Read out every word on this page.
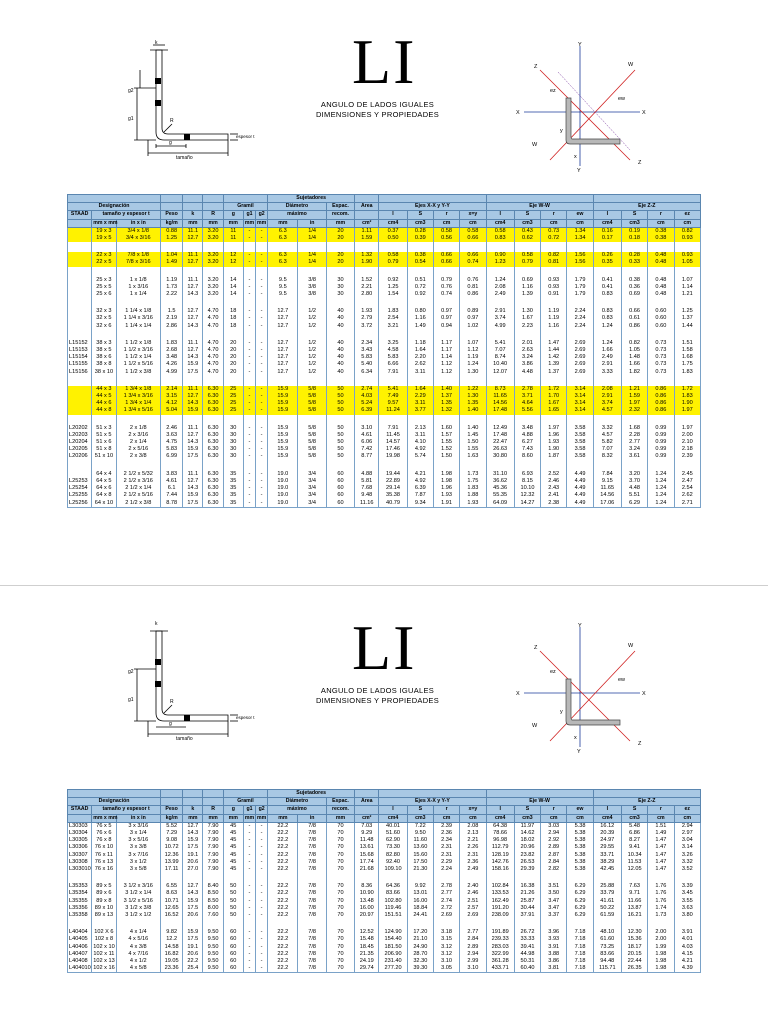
k
g2
g1	R
g
espesor t
tamaño
LI
ANGULO DE LADOS IGUALES
DIMENSIONES Y PROPIEDADES
Y
Y
X	X
W
W
Z
Z
ez
ew
y
x
									Sujetadores															
Designación						Gramil			Diámetro		Espac.	Area	Ejes X-X y Y-Y				Eje W-W				Eje Z-Z			
STAAD	tamaño y espesor t		Peso	k	R	g	g1	g2	máximo		recom.		I	S	r	x=y	I	S	r	ew	I	S	r	ez
	mm x mm	in x in	kg/m	mm	mm	mm	mm	mm	mm	in	mm	cm²	cm4	cm3	cm	cm	cm4	cm3	cm	cm	cm4	cm3	cm	cm
	19 x 3	3/4 x 1/8	0.88	11.1	3.20	11	-	-	6.3	1/4	20	1.11	0.37	0.28	0.58	0.58	0.58	0.43	0.73	1.34	0.16	0.19	0.38	0.82
	19 x 5	3/4 x 3/16	1.25	12.7	3.20	11	-	-	6.3	1/4	20	1.59	0.50	0.39	0.56	0.66	0.83	0.62	0.72	1.34	0.17	0.18	0.38	0.93

	22 x 3	7/8 x 1/8	1.04	11.1	3.20	12	-	-	6.3	1/4	20	1.32	0.58	0.38	0.66	0.66	0.90	0.58	0.82	1.56	0.26	0.28	0.48	0.93
	22 x 5	7/8 x 3/16	1.49	12.7	3.20	12	-	-	6.3	1/4	20	1.90	0.79	0.54	0.66	0.74	1.23	0.79	0.81	1.56	0.35	0.33	0.48	1.05

	25 x 3	1 x 1/8	1.19	11.1	3.20	14	-	-	9.5	3/8	30	1.52	0.92	0.51	0.79	0.76	1.24	0.69	0.93	1.79	0.41	0.38	0.48	1.07
	25 x 5	1 x 3/16	1.73	12.7	3.20	14	-	-	9.5	3/8	30	2.21	1.25	0.72	0.76	0.81	2.08	1.16	0.93	1.79	0.41	0.36	0.48	1.14
	25 x 6	1 x 1/4	2.22	14.3	3.20	14	-	-	9.5	3/8	30	2.80	1.54	0.92	0.74	0.86	2.49	1.39	0.91	1.79	0.83	0.69	0.48	1.21

	32 x 3	1 1/4 x 1/8	1.5	12.7	4.70	18	-	-	12.7	1/2	40	1.93	1.83	0.80	0.97	0.89	2.91	1.30	1.19	2.24	0.83	0.66	0.60	1.25
	32 x 5	1 1/4 x 3/16	2.19	12.7	4.70	18	-	-	12.7	1/2	40	2.79	2.54	1.16	0.97	0.97	3.74	1.67	1.19	2.24	0.83	0.61	0.60	1.37
	32 x 6	1 1/4 x 1/4	2.86	14.3	4.70	18	-	-	12.7	1/2	40	3.72	3.21	1.49	0.94	1.02	4.99	2.23	1.16	2.24	1.24	0.86	0.60	1.44

L15152	38 x 3	1 1/2 x 1/8	1.83	11.1	4.70	20	-	-	12.7	1/2	40	2.34	3.25	1.18	1.17	1.07	5.41	2.01	1.47	2.69	1.24	0.82	0.73	1.51
L15153	38 x 5	1 1/2 x 3/16	2.68	12.7	4.70	20	-	-	12.7	1/2	40	3.43	4.58	1.64	1.17	1.12	7.07	2.63	1.44	2.69	1.66	1.05	0.73	1.58
L15154	38 x 6	1 1/2 x 1/4	3.48	14.3	4.70	20	-	-	12.7	1/2	40	5.83	5.83	2.20	1.14	1.19	8.74	3.24	1.42	2.69	2.49	1.48	0.73	1.68
L15155	38 x 8	1 1/2 x 5/16	4.26	15.9	4.70	20	-	-	12.7	1/2	40	5.40	6.66	2.62	1.12	1.24	10.40	3.86	1.39	2.69	2.91	1.66	0.73	1.75
L15156	38 x 10	1 1/2 x 3/8	4.99	17.5	4.70	20	-	-	12.7	1/2	40	6.34	7.91	3.11	1.12	1.30	12.07	4.48	1.37	2.69	3.33	1.82	0.73	1.83

	44 x 3	1 3/4 x 1/8	2.14	11.1	6.30	25	-	-	15.9	5/8	50	2.74	5.41	1.64	1.40	1.22	8.73	2.78	1.72	3.14	2.08	1.21	0.86	1.72
	44 x 5	1 3/4 x 3/16	3.15	12.7	6.30	25	-	-	15.9	5/8	50	4.03	7.49	2.29	1.37	1.30	11.65	3.71	1.70	3.14	2.91	1.59	0.86	1.83
	44 x 6	1 3/4 x 1/4	4.12	14.3	6.30	25	-	-	15.9	5/8	50	5.24	9.57	3.11	1.35	1.35	14.56	4.64	1.67	3.14	3.74	1.97	0.86	1.90
	44 x 8	1 3/4 x 5/16	5.04	15.9	6.30	25	-	-	15.9	5/8	50	6.39	11.24	3.77	1.32	1.40	17.48	5.56	1.65	3.14	4.57	2.32	0.86	1.97

L20202	51 x 3	2 x 1/8	2.46	11.1	6.30	30	-	-	15.9	5/8	50	3.10	7.91	2.13	1.60	1.40	12.49	3.48	1.97	3.58	3.32	1.68	0.99	1.97
L20203	51 x 5	2 x 3/16	3.63	12.7	6.30	30	-	-	15.9	5/8	50	4.61	11.45	3.11	1.57	1.45	17.48	4.88	1.96	3.58	4.57	2.28	0.99	2.00
L20204	51 x 6	2 x 1/4	4.75	14.3	6.30	30	-	-	15.9	5/8	50	6.06	14.57	4.10	1.55	1.50	22.47	6.27	1.93	3.58	5.82	2.77	0.99	2.10
L20205	51 x 8	2 x 5/16	5.83	15.9	6.30	30	-	-	15.9	5/8	50	7.42	17.46	4.92	1.52	1.55	26.63	7.43	1.90	3.58	7.07	3.24	0.99	2.18
L20206	51 x 10	2 x 3/8	6.99	17.5	6.30	30	-	-	15.9	5/8	50	8.77	19.98	5.74	1.50	1.63	30.80	8.60	1.87	3.58	8.32	3.61	0.99	2.39

	64 x 4	2 1/2 x 5/32	3.83	11.1	6.30	35	-	-	19.0	3/4	60	4.88	19.44	4.21	1.98	1.73	31.10	6.93	2.52	4.49	7.84	3.20	1.24	2.45
L25253	64 x 5	2 1/2 x 3/16	4.61	12.7	6.30	35	-	-	19.0	3/4	60	5.81	22.89	4.92	1.98	1.75	36.62	8.15	2.46	4.49	9.15	3.70	1.24	2.47
L25254	64 x 6	2 1/2 x 1/4	6.1	14.3	6.30	35	-	-	19.0	3/4	60	7.68	29.14	6.39	1.96	1.83	45.36	10.10	2.43	4.49	11.65	4.48	1.24	2.54
L25255	64 x 8	2 1/2 x 5/16	7.44	15.9	6.30	35	-	-	19.0	3/4	60	9.48	35.38	7.87	1.93	1.88	55.35	12.32	2.41	4.49	14.56	5.51	1.24	2.62
L25256	64 x 10	2 1/2 x 3/8	8.78	17.5	6.30	35	-	-	19.0	3/4	60	11.16	40.79	9.34	1.91	1.93	64.09	14.27	2.38	4.49	17.06	6.29	1.24	2.71
k
g2
g1	R
g
espesor t
tamaño
LI
ANGULO DE LADOS IGUALES
DIMENSIONES Y PROPIEDADES
Y
Y
X	X
W
W
Z
Z
ez
ew
y
x
									Sujetadores															
Designación						Gramil			Diámetro		Espac.	Area	Ejes X-X y Y-Y				Eje W-W				Eje Z-Z			
STAAD	tamaño y espesor t		Peso	k	R	g	g1	g2	máximo		recom.		I	S	r	x=y	I	S	r	ew	I	S	r	ez
	mm x mm	in x in	kg/m	mm	mm	mm	mm	mm	mm	in	mm	cm²	cm4	cm3	cm	cm	cm4	cm3	cm	cm	cm4	cm3	cm	cm
L30303	76 x 5	3 x 3/16	5.52	12.7	7.90	45	-	-	22.2	7/8	70	7.03	40.01	7.22	2.39	2.08	64.38	11.97	3.03	5.38	16.12	5.48	1.51	2.94
L30304	76 x 6	3 x 1/4	7.29	14.3	7.90	45	-	-	22.2	7/8	70	9.29	51.60	9.50	2.36	2.13	78.66	14.62	2.94	5.38	20.39	6.86	1.49	2.97
L30305	76 x 8	3 x 5/16	9.08	15.9	7.90	45	-	-	22.2	7/8	70	11.48	62.90	11.60	2.34	2.21	96.98	18.02	2.92	5.38	24.97	8.27	1.47	3.04
L30306	76 x 10	3 x 3/8	10.72	17.5	7.90	45	-	-	22.2	7/8	70	13.61	73.30	13.60	2.31	2.26	112.79	20.96	2.89	5.38	29.55	9.41	1.47	3.14
L30307	76 x 11	3 x 7/16	12.36	19.1	7.90	45	-	-	22.2	7/8	70	15.68	82.80	15.60	2.31	2.31	128.19	23.82	2.87	5.38	33.71	10.34	1.47	3.26
L30308	76 x 13	3 x 1/2	13.99	20.6	7.90	45	-	-	22.2	7/8	70	17.74	92.40	17.50	2.29	2.36	142.76	26.53	2.84	5.38	38.29	11.53	1.47	3.32
L303010	76 x 16	3 x 5/8	17.11	27.0	7.90	45	-	-	22.2	7/8	70	21.68	109.10	21.30	2.24	2.49	158.16	29.39	2.82	5.38	42.45	12.05	1.47	3.52

L35353	89 x 5	3 1/2 x 3/16	6.55	12.7	8.40	50	-	-	22.2	7/8	70	8.36	64.36	9.92	2.78	2.40	102.84	16.38	3.51	6.29	25.88	7.63	1.76	3.39
L35354	89 x 6	3 1/2 x 1/4	8.63	14.3	8.50	50	-	-	22.2	7/8	70	10.90	83.66	13.01	2.77	2.46	133.53	21.26	3.50	6.29	33.79	9.71	1.76	3.45
L35355	89 x 8	3 1/2 x 5/16	10.71	15.9	8.50	50	-	-	22.2	7/8	70	13.48	102.80	16.00	2.74	2.51	162.49	25.87	3.47	6.29	41.61	11.66	1.76	3.55
L35356	89 x 10	3 1/2 x 3/8	12.65	17.5	8.00	50	-	-	22.2	7/8	70	16.00	119.46	18.84	2.72	2.57	191.20	30.44	3.47	6.29	50.22	13.87	1.74	3.63
L35358	89 x 13	3 1/2 x 1/2	16.52	20.6	7.60	50	-	-	22.2	7/8	70	20.97	151.51	24.41	2.69	2.69	238.09	37.91	3.37	6.29	61.59	16.21	1.73	3.80

L40404	102 X 6	4 x 1/4	9.82	15.9	9.50	60	-	-	22.2	7/8	70	12.52	124.90	17.20	3.18	2.77	191.89	26.72	3.96	7.18	48.10	12.30	2.00	3.91
L40405	102 x 8	4 x 5/16	12.2	17.5	9.50	60	-	-	22.2	7/8	70	15.48	154.40	21.10	3.15	2.84	239.33	33.33	3.93	7.18	61.60	15.36	2.00	4.01
L40406	102 x 10	4 x 3/8	14.58	19.1	9.50	60	-	-	22.2	7/8	70	18.45	181.50	24.90	3.12	2.89	283.03	39.41	3.91	7.18	73.25	18.17	1.99	4.03
L40407	102 x 11	4 x 7/16	16.82	20.6	9.50	60	-	-	22.2	7/8	70	21.35	206.90	28.70	3.12	2.94	322.99	44.98	3.88	7.18	83.66	20.15	1.98	4.15
L40408	102 x 13	4 x 1/2	19.05	22.2	9.50	60	-	-	22.2	7/8	70	24.19	231.40	32.30	3.10	2.99	361.28	50.31	3.86	7.18	94.48	22.44	1.98	4.21
L404010	102 x 16	4 x 5/8	23.36	25.4	9.50	60	-	-	22.2	7/8	70	29.74	277.20	39.30	3.05	3.10	433.71	60.40	3.81	7.18	115.71	26.35	1.98	4.39
